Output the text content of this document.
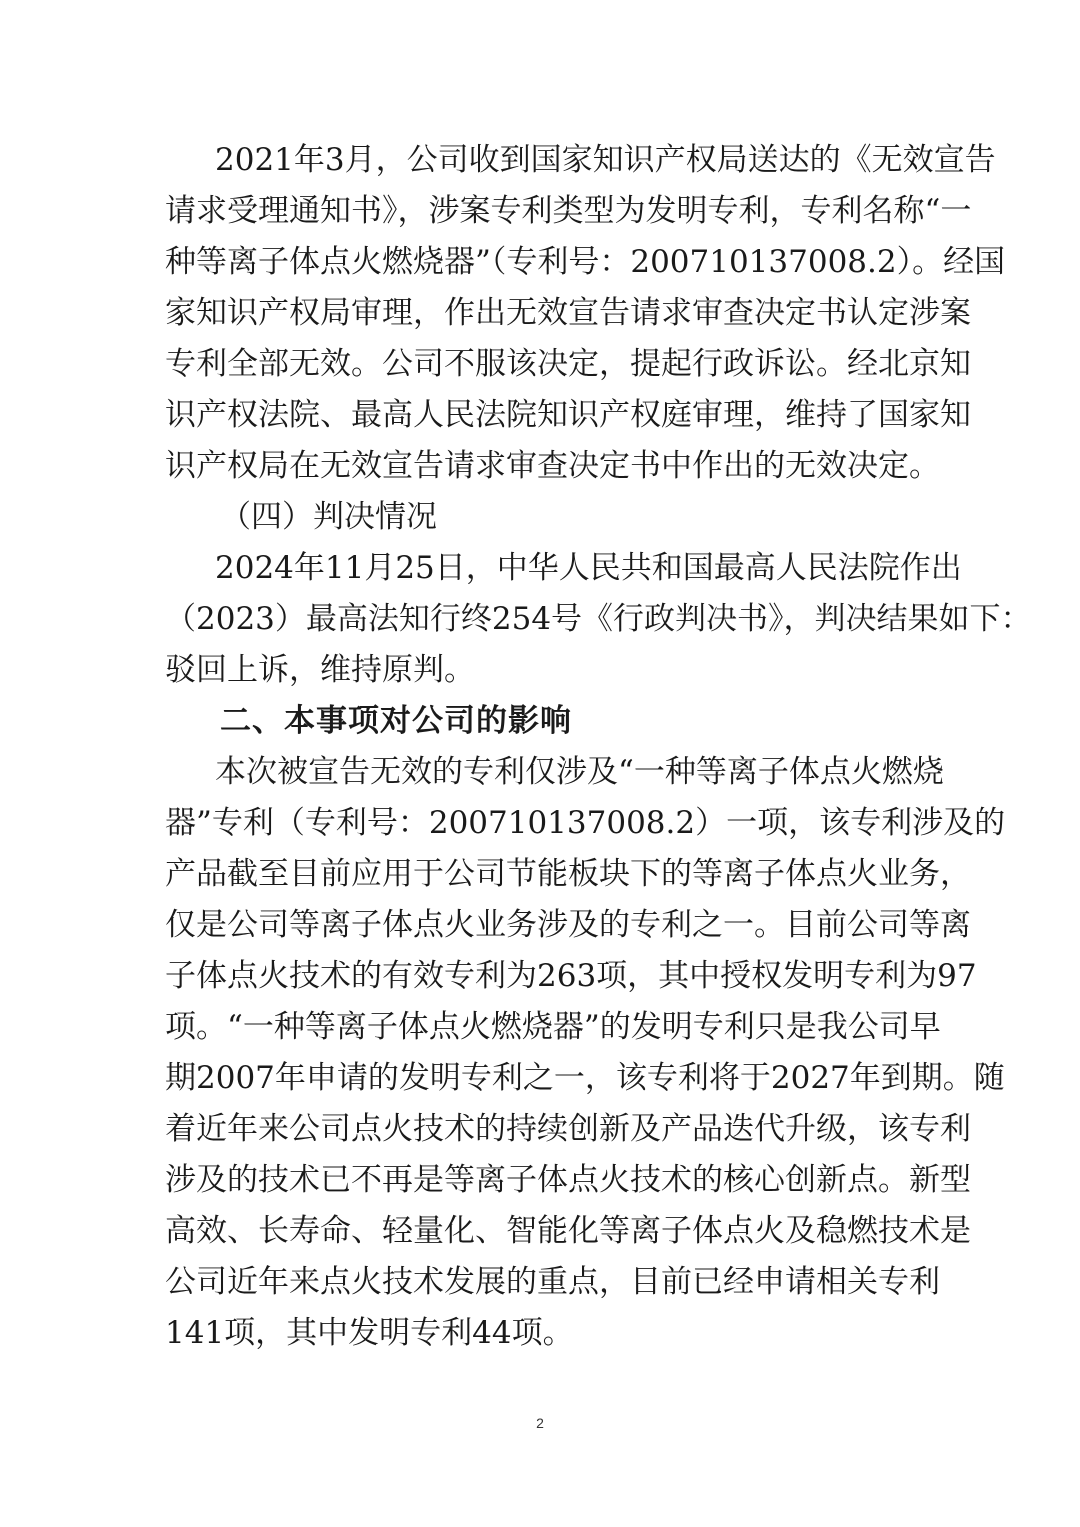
2021年3月，公司收到国家知识产权局送达的《无效宣告

请求受理通知书》，涉案专利类型为发明专利，专利名称“一

种等离子体点火燃烧器”（专利号：200710137008.2）。经国

家知识产权局审理，作出无效宣告请求审查决定书认定涉案

专利全部无效。公司不服该决定，提起行政诉讼。经北京知

识产权法院、最高人民法院知识产权庭审理，维持了国家知

识产权局在无效宣告请求审查决定书中作出的无效决定。

（四）判决情况

2024年11月25日，中华人民共和国最高人民法院作出

（2023）最高法知行终254号《行政判决书》，判决结果如下：

驳回上诉，维持原判。

二、本事项对公司的影响

本次被宣告无效的专利仅涉及“一种等离子体点火燃烧

器”专利（专利号：200710137008.2）一项，该专利涉及的

产品截至目前应用于公司节能板块下的等离子体点火业务，

仅是公司等离子体点火业务涉及的专利之一。目前公司等离

子体点火技术的有效专利为263项，其中授权发明专利为97

项。“一种等离子体点火燃烧器”的发明专利只是我公司早

期2007年申请的发明专利之一，该专利将于2027年到期。随

着近年来公司点火技术的持续创新及产品迭代升级，该专利

涉及的技术已不再是等离子体点火技术的核心创新点。新型

高效、长寿命、轻量化、智能化等离子体点火及稳燃技术是

公司近年来点火技术发展的重点，目前已经申请相关专利

141项，其中发明专利44项。

2
